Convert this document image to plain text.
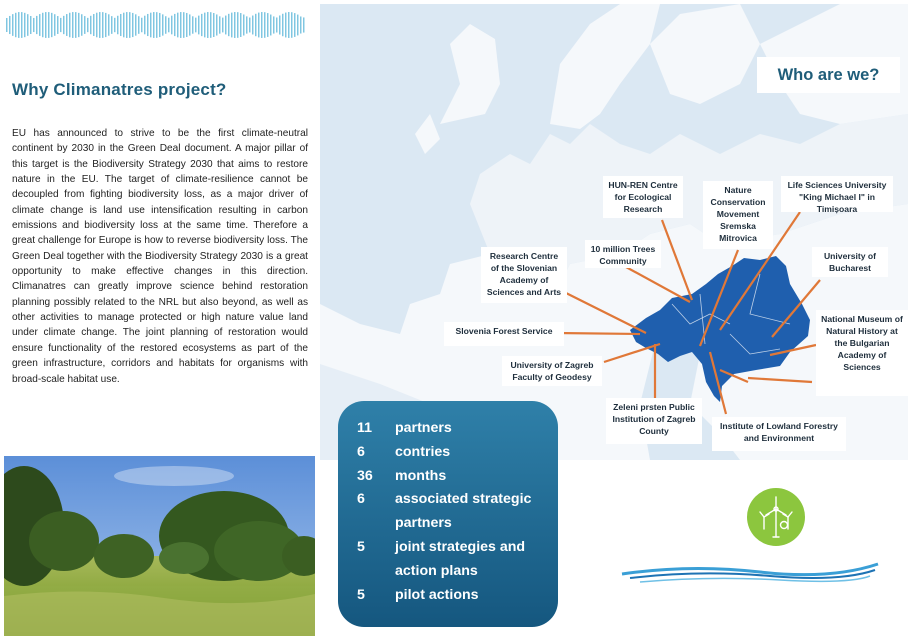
Why Climanatres project?

EU has announced to strive to be the first climate-neutral continent by 2030 in the Green Deal document. A major pillar of this target is the Biodiversity Strategy 2030 that aims to restore nature in the EU. The target of climate-resilience cannot be decoupled from fighting biodiversity loss, as a major driver of climate change is land use intensification resulting in carbon emissions and biodiversity loss at the same time. Therefore a great challenge for Europe is how to reverse biodiversity loss. The Green Deal together with the Biodiversity Strategy 2030 is a great opportunity to make effective changes in this direction. Climanatres can greatly improve science behind restoration planning possibly related to the NRL but also beyond, as well as other activities to manage protected or high nature value land under climate change. The joint planning of restoration would ensure functionality of the restored ecosystems as part of the green infrastructure, corridors and habitats for organisms with broad-scale habitat use.

Who are we?
HUN-REN Centre for Ecological Research
Nature Conservation Movement Sremska Mitrovica
Life Sciences University "King Michael I" in Timișoara
10 million Trees Community
Research Centre of the Slovenian Academy of Sciences and Arts
University of Bucharest
Slovenia Forest Service
National Museum of Natural History at the Bulgarian Academy of Sciences
University of Zagreb Faculty of Geodesy
Zeleni prsten Public Institution of Zagreb County	Institute of Lowland Forestry and Environment
11	partners
6	contries
36	months
6	associated strategic partners
5	joint strategies and action plans
5	pilot actions
